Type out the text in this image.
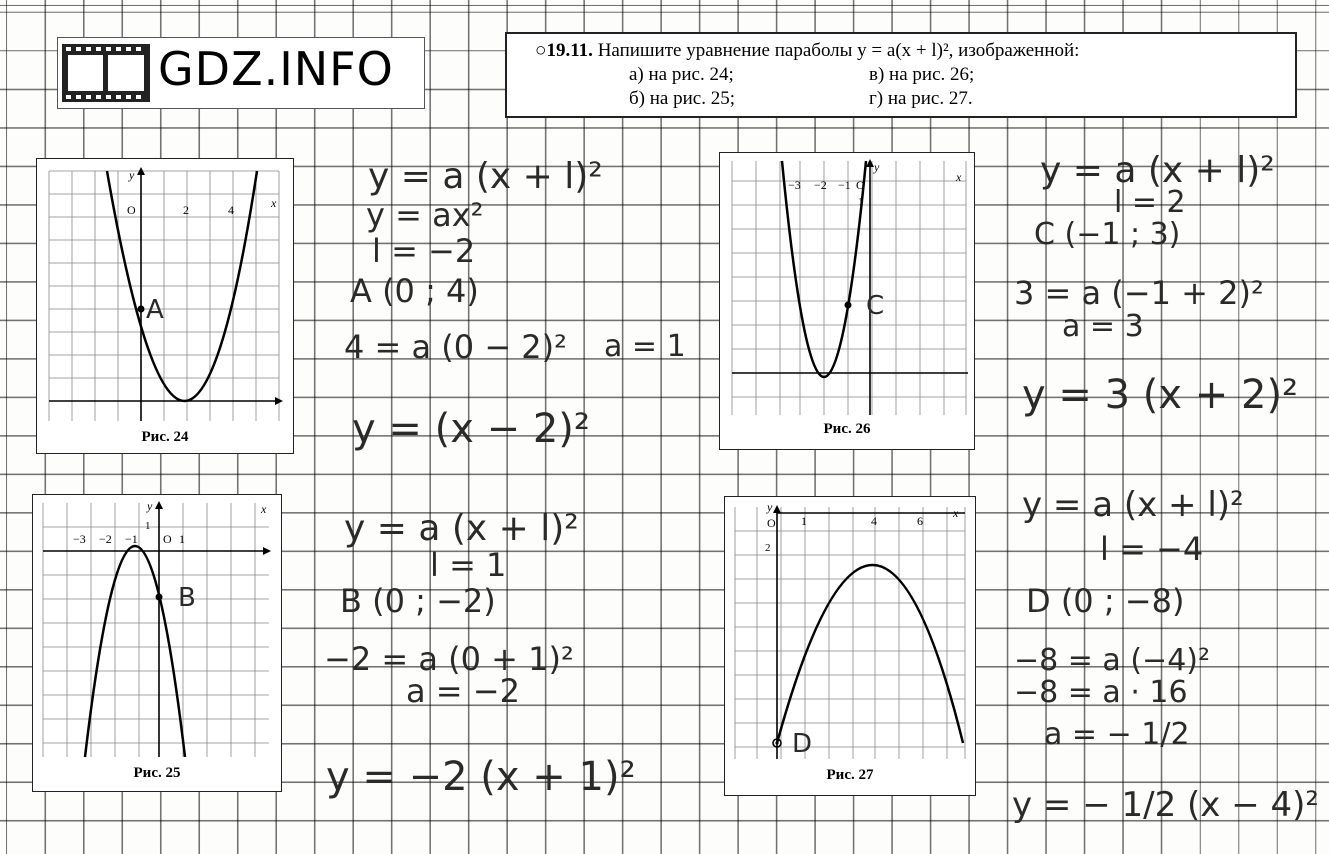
GDZ.INFO	○19.11. Напишите уравнение параболы y = a(x + l)², изображенной:
а) на рис. 24;	в) на рис. 26;
б) на рис. 25;	г) на рис. 27.
y
x
O	2	4
Рис. 24
y	x
−3 −2 −1 O 1
1
Рис. 25
y
x
−3 −2 −1 O
1
Рис. 26
y	x
O 1	4	6
2
Рис. 27
A
B
C
D
y = a (x + l)²
y = ax²
l = −2
A (0 ; 4)
4 = a (0 − 2)² a = 1
y = (x − 2)²
y = a (x + l)²
l = 1
B (0 ; −2)
−2 = a (0 + 1)²
a = −2
y = −2 (x + 1)²
y = a (x + l)²
l = 2
C (−1 ; 3)
3 = a (−1 + 2)²
a = 3
y = 3 (x + 2)²
y = a (x + l)²
l = −4
D (0 ; −8)
−8 = a (−4)²
−8 = a · 16
a = − 1/2
y = − 1/2 (x − 4)²
